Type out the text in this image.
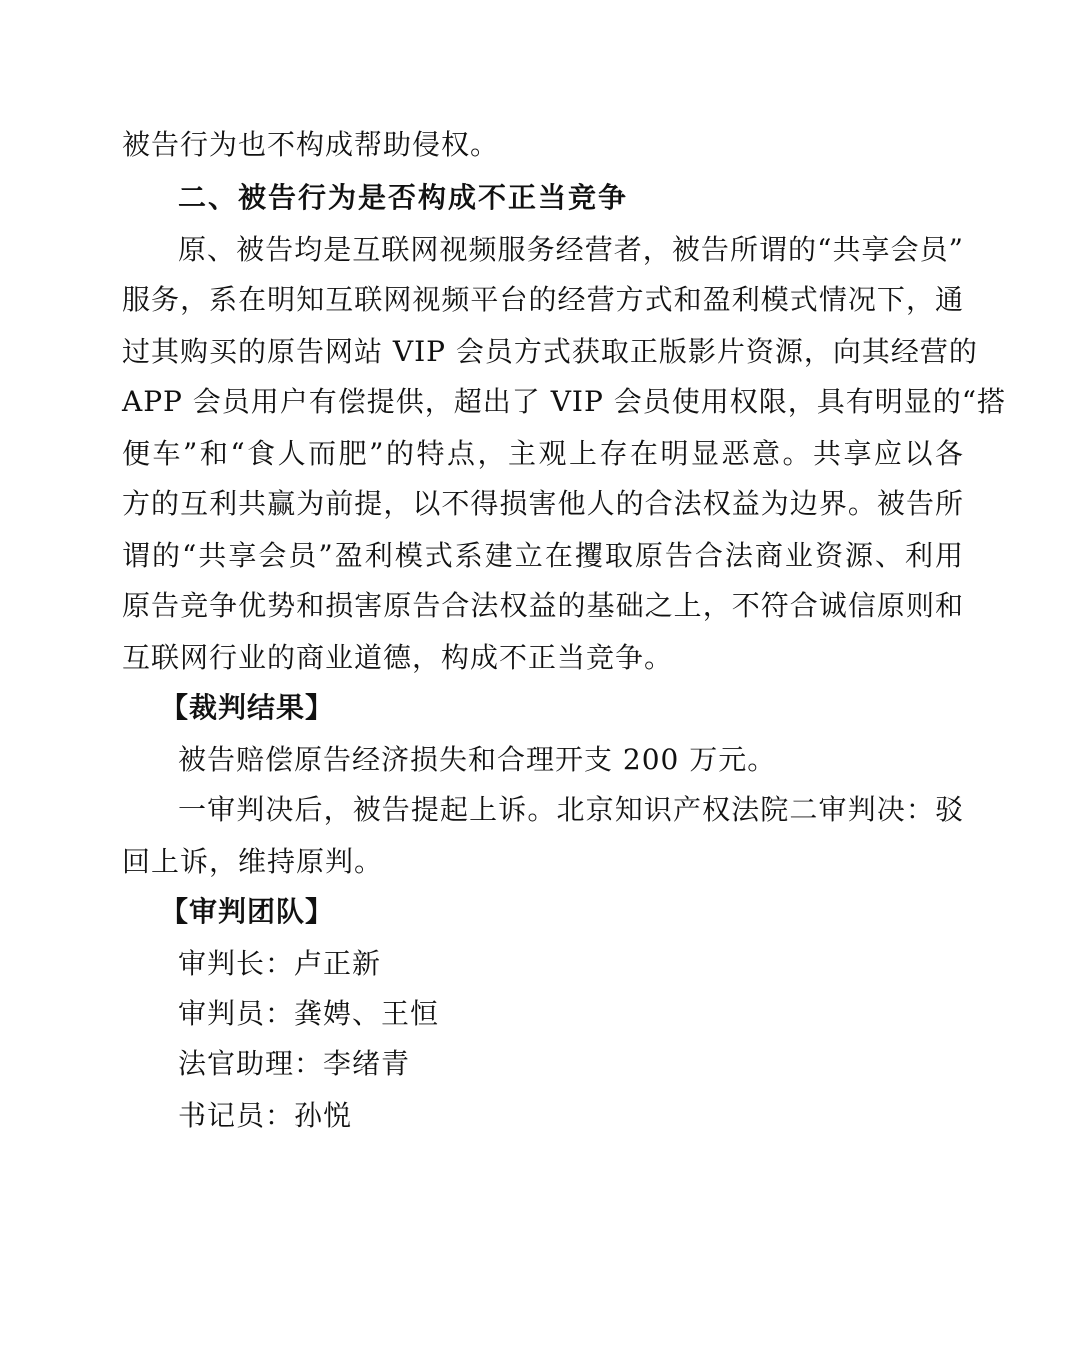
被告行为也不构成帮助侵权。
二、被告行为是否构成不正当竞争
原、被告均是互联网视频服务经营者，被告所谓的“共享会员”
服务，系在明知互联网视频平台的经营方式和盈利模式情况下，通
过其购买的原告网站 VIP 会员方式获取正版影片资源，向其经营的
APP 会员用户有偿提供，超出了 VIP 会员使用权限，具有明显的“搭
便车”和“食人而肥”的特点，主观上存在明显恶意。共享应以各
方的互利共赢为前提，以不得损害他人的合法权益为边界。被告所
谓的“共享会员”盈利模式系建立在攫取原告合法商业资源、利用
原告竞争优势和损害原告合法权益的基础之上，不符合诚信原则和
互联网行业的商业道德，构成不正当竞争。
【裁判结果】
被告赔偿原告经济损失和合理开支 200 万元。
一审判决后，被告提起上诉。北京知识产权法院二审判决：驳
回上诉，维持原判。
【审判团队】
审判长：卢正新
审判员：龚娉、王恒
法官助理：李绪青
书记员：孙悦
